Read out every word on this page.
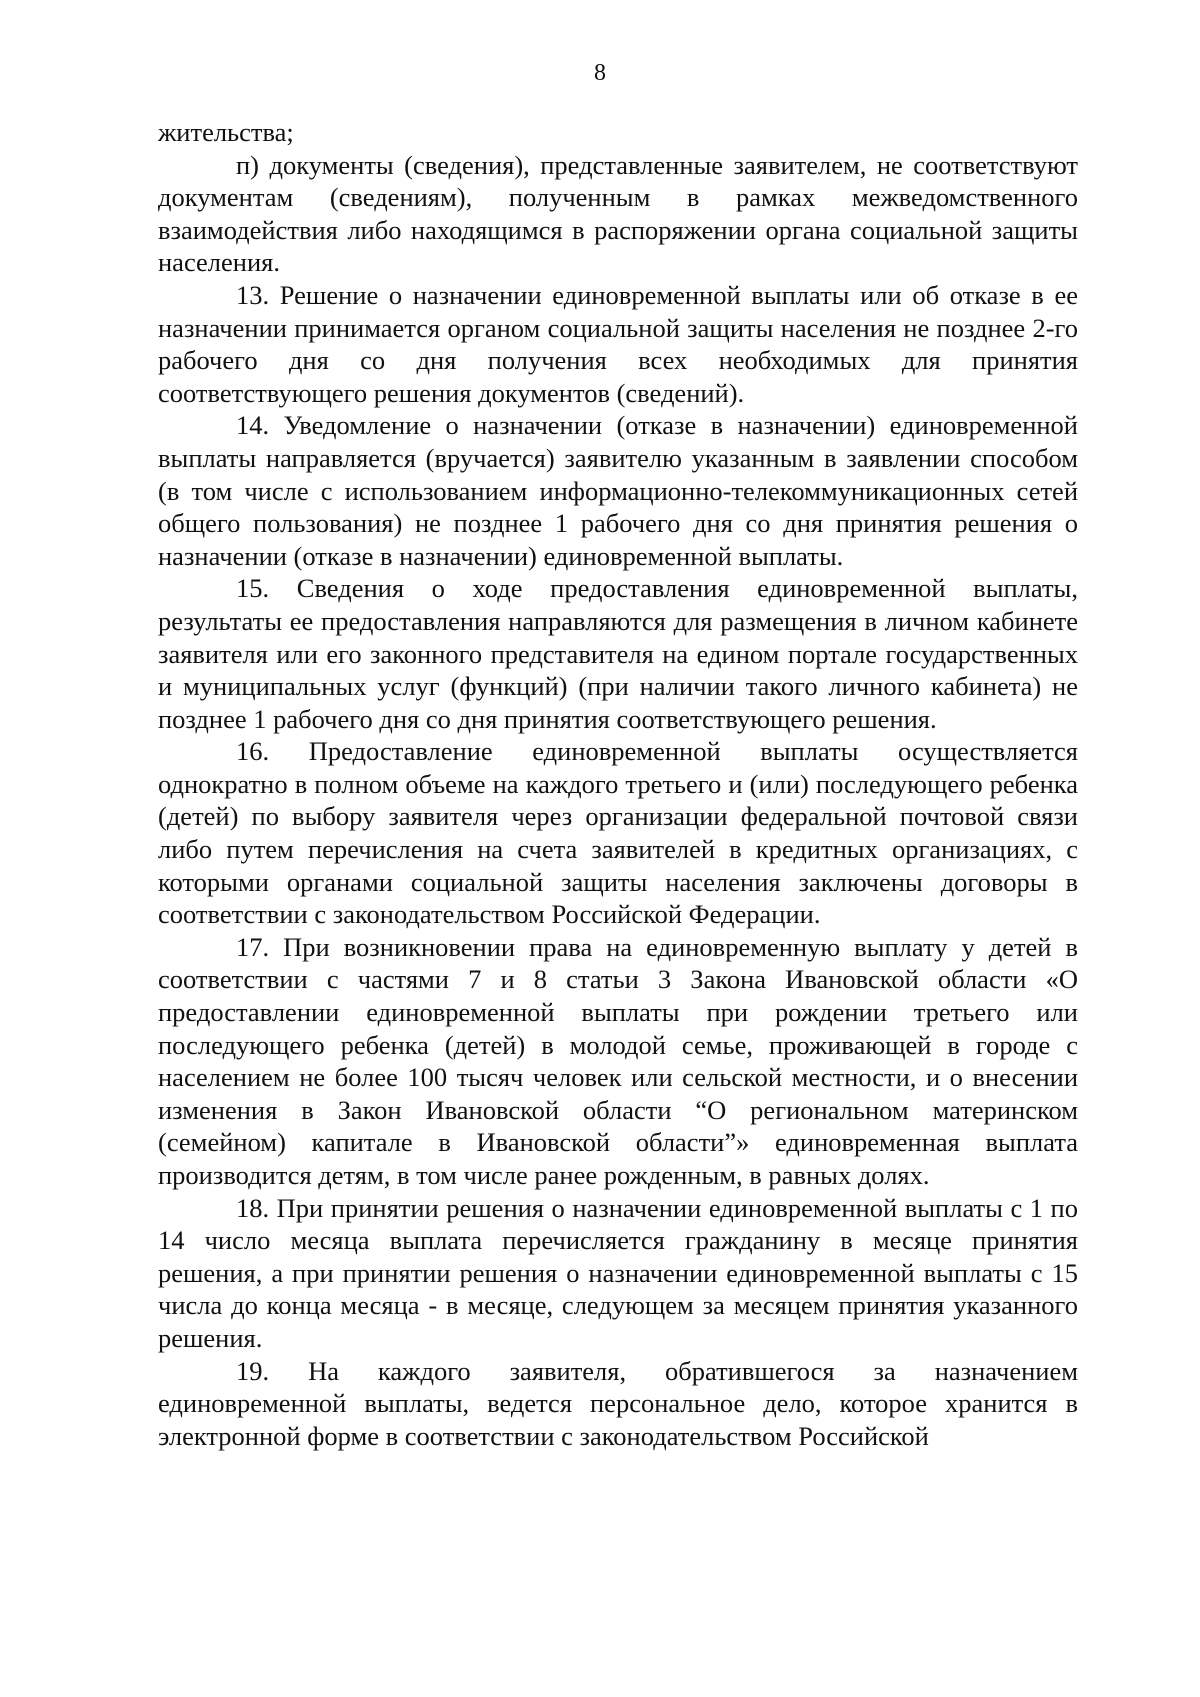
8

жительства;

п) документы (сведения), представленные заявителем, не соответствуют документам (сведениям), полученным в рамках межведомственного взаимодействия либо находящимся в распоряжении органа социальной защиты населения.

13. Решение о назначении единовременной выплаты или об отказе в ее назначении принимается органом социальной защиты населения не позднее 2-го рабочего дня со дня получения всех необходимых для принятия соответствующего решения документов (сведений).

14. Уведомление о назначении (отказе в назначении) единовременной выплаты направляется (вручается) заявителю указанным в заявлении способом (в том числе с использованием информационно-телекоммуникационных сетей общего пользования) не позднее 1 рабочего дня со дня принятия решения о назначении (отказе в назначении) единовременной выплаты.

15. Сведения о ходе предоставления единовременной выплаты, результаты ее предоставления направляются для размещения в личном кабинете заявителя или его законного представителя на едином портале государственных и муниципальных услуг (функций) (при наличии такого личного кабинета) не позднее 1 рабочего дня со дня принятия соответствующего решения.

16. Предоставление единовременной выплаты осуществляется однократно в полном объеме на каждого третьего и (или) последующего ребенка (детей) по выбору заявителя через организации федеральной почтовой связи либо путем перечисления на счета заявителей в кредитных организациях, с которыми органами социальной защиты населения заключены договоры в соответствии с законодательством Российской Федерации.

17. При возникновении права на единовременную выплату у детей в соответствии с частями 7 и 8 статьи 3 Закона Ивановской области «О предоставлении единовременной выплаты при рождении третьего или последующего ребенка (детей) в молодой семье, проживающей в городе с населением не более 100 тысяч человек или сельской местности, и о внесении изменения в Закон Ивановской области “О региональном материнском (семейном) капитале в Ивановской области”» единовременная выплата производится детям, в том числе ранее рожденным, в равных долях.

18. При принятии решения о назначении единовременной выплаты с 1 по 14 число месяца выплата перечисляется гражданину в месяце принятия решения, а при принятии решения о назначении единовременной выплаты с 15 числа до конца месяца - в месяце, следующем за месяцем принятия указанного решения.

19. На каждого заявителя, обратившегося за назначением единовременной выплаты, ведется персональное дело, которое хранится в электронной форме в соответствии с законодательством Российской
